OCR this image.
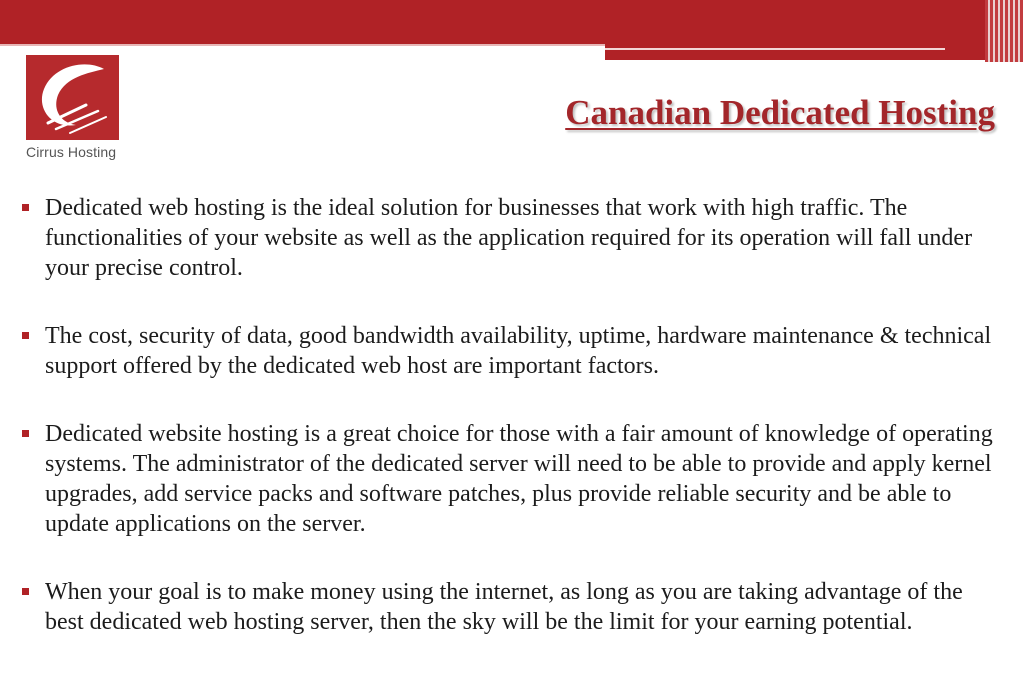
Cirrus Hosting
Canadian Dedicated Hosting
Dedicated web hosting is the ideal solution for businesses that work with high traffic. The functionalities of your website as well as the application required for its operation will fall under your precise control.
The cost, security of data, good bandwidth availability, uptime, hardware maintenance & technical support offered by the dedicated web host are important factors.
Dedicated website hosting is a great choice for those with a fair amount of knowledge of operating systems. The administrator of the dedicated server will need to be able to provide and apply kernel upgrades, add service packs and software patches, plus provide reliable security and be able to update applications on the server.
When your goal is to make money using the internet, as long as you are taking advantage of the best dedicated web hosting server, then the sky will be the limit for your earning potential.
